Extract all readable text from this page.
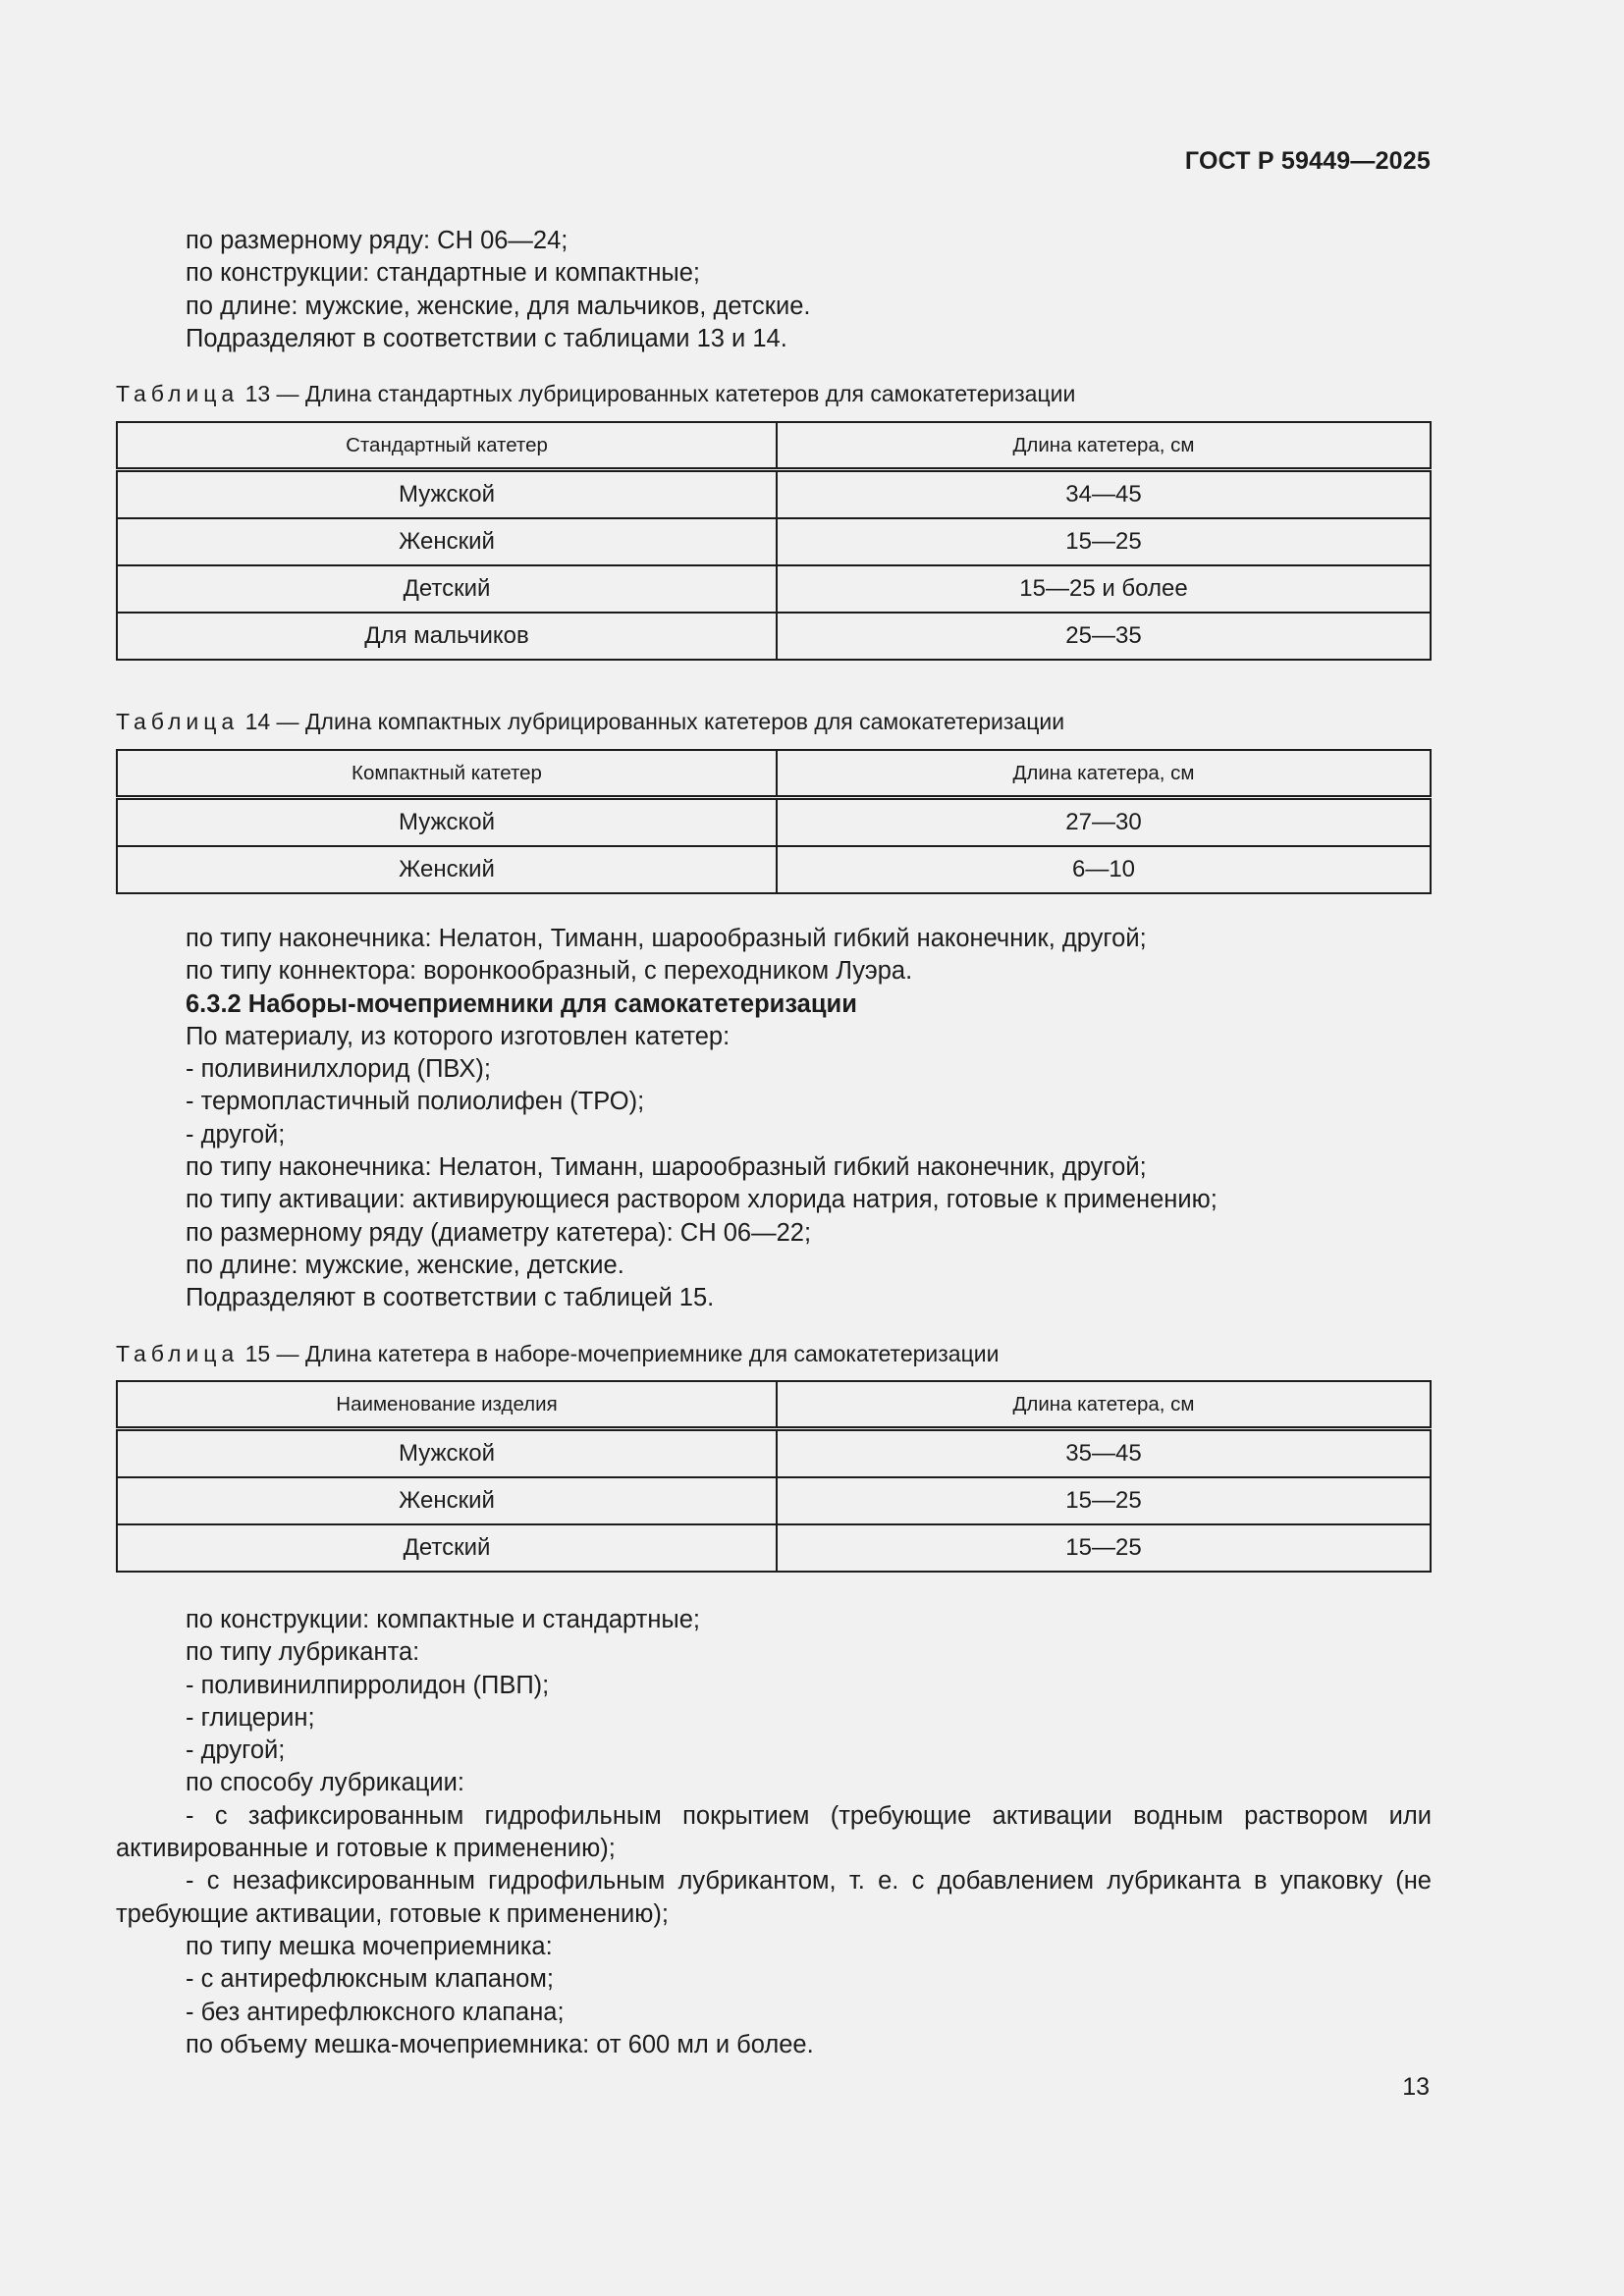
ГОСТ Р 59449—2025

по размерному ряду: СН 06—24;

по конструкции: стандартные и компактные;

по длине: мужские, женские, для мальчиков, детские.

Подразделяют в соответствии с таблицами 13 и 14.

Таблица 13 — Длина стандартных лубрицированных катетеров для самокатетеризации

Стандартный катетер	Длина катетера, см
Мужской	34—45
Женский	15—25
Детский	15—25 и более
Для мальчиков	25—35

Таблица 14 — Длина компактных лубрицированных катетеров для самокатетеризации

Компактный катетер	Длина катетера, см
Мужской	27—30
Женский	6—10

по типу наконечника: Нелатон, Тиманн, шарообразный гибкий наконечник, другой;

по типу коннектора: воронкообразный, с переходником Луэра.

6.3.2 Наборы-мочеприемники для самокатетеризации

По материалу, из которого изготовлен катетер:

- поливинилхлорид (ПВХ);

- термопластичный полиолифен (ТРО);

- другой;

по типу наконечника: Нелатон, Тиманн, шарообразный гибкий наконечник, другой;

по типу активации: активирующиеся раствором хлорида натрия, готовые к применению;

по размерному ряду (диаметру катетера): СН 06—22;

по длине: мужские, женские, детские.

Подразделяют в соответствии с таблицей 15.

Таблица 15 — Длина катетера в наборе-мочеприемнике для самокатетеризации

Наименование изделия	Длина катетера, см
Мужской	35—45
Женский	15—25
Детский	15—25

по конструкции: компактные и стандартные;

по типу лубриканта:

- поливинилпирролидон (ПВП);

- глицерин;

- другой;

по способу лубрикации:

- с зафиксированным гидрофильным покрытием (требующие активации водным раствором или активированные и готовые к применению);

- с незафиксированным гидрофильным лубрикантом, т. е. с добавлением лубриканта в упаковку (не требующие активации, готовые к применению);

по типу мешка мочеприемника:

- с антирефлюксным клапаном;

- без антирефлюксного клапана;

по объему мешка-мочеприемника: от 600 мл и более.

13
